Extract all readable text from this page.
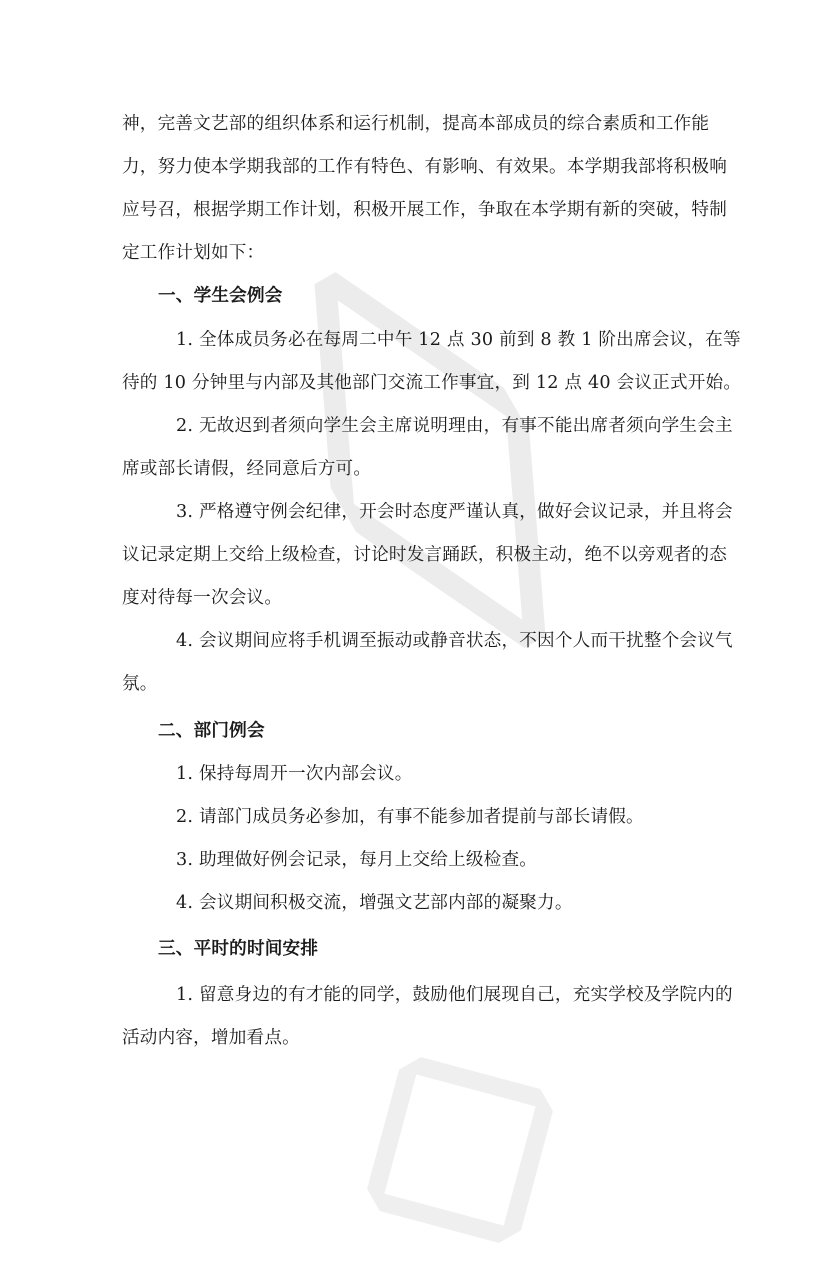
神，完善文艺部的组织体系和运行机制，提高本部成员的综合素质和工作能
力，努力使本学期我部的工作有特色、有影响、有效果。本学期我部将积极响
应号召，根据学期工作计划，积极开展工作，争取在本学期有新的突破，特制
定工作计划如下：
一、学生会例会
1. 全体成员务必在每周二中午 12 点 30 前到 8 教 1 阶出席会议，在等
待的 10 分钟里与内部及其他部门交流工作事宜，到 12 点 40 会议正式开始。
2. 无故迟到者须向学生会主席说明理由，有事不能出席者须向学生会主
席或部长请假，经同意后方可。
3. 严格遵守例会纪律，开会时态度严谨认真，做好会议记录，并且将会
议记录定期上交给上级检查，讨论时发言踊跃，积极主动，绝不以旁观者的态
度对待每一次会议。
4. 会议期间应将手机调至振动或静音状态，不因个人而干扰整个会议气
氛。
二、部门例会
1. 保持每周开一次内部会议。
2. 请部门成员务必参加，有事不能参加者提前与部长请假。
3. 助理做好例会记录，每月上交给上级检查。
4. 会议期间积极交流，增强文艺部内部的凝聚力。
三、平时的时间安排
1. 留意身边的有才能的同学，鼓励他们展现自己，充实学校及学院内的
活动内容，增加看点。
